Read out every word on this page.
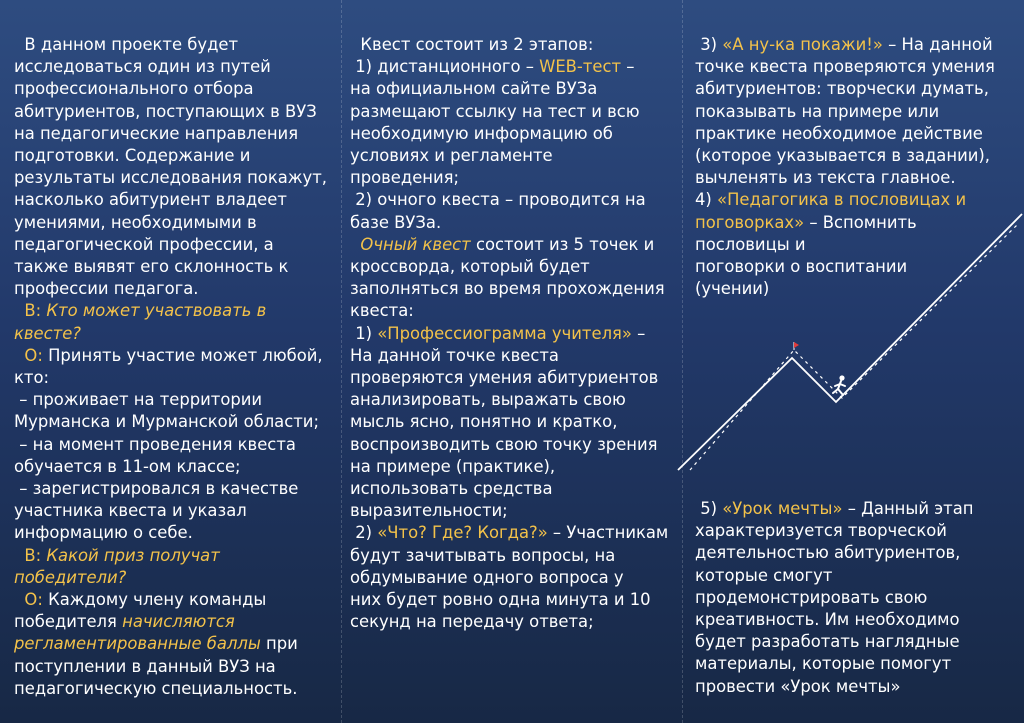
В данном проекте будет
исследоваться один из путей
профессионального отбора
абитуриентов, поступающих в ВУЗ
на педагогические направления
подготовки. Содержание и
результаты исследования покажут,
насколько абитуриент владеет
умениями, необходимыми в
педагогической профессии, а
также выявят его склонность к
профессии педагога.

В: Кто может участвовать в квесте?

О: Принять участие может любой,
кто:
– проживает на территории
Мурманска и Мурманской области;
– на момент проведения квеста
обучается в 11-ом классе;
– зарегистрировался в качестве
участника квеста и указал
информацию о себе.

В: Какой приз получат
победители?

О: Каждому члену команды
победителя начисляются
регламентированные баллы при
поступлении в данный ВУЗ на
педагогическую специальность.

Квест состоит из 2 этапов:
1) дистанционного – WEB-тест –
на официальном сайте ВУЗа
размещают ссылку на тест и всю
необходимую информацию об
условиях и регламенте
проведения;
2) очного квеста – проводится на
базе ВУЗа.

Очный квест состоит из 5 точек и
кроссворда, который будет
заполняться во время прохождения
квеста:
1) «Профессиограмма учителя» –
На данной точке квеста
проверяются умения абитуриентов
анализировать, выражать свою
мысль ясно, понятно и кратко,
воспроизводить свою точку зрения
на примере (практике),
использовать средства
выразительности;
2) «Что? Где? Когда?» – Участникам
будут зачитывать вопросы, на
обдумывание одного вопроса у
них будет ровно одна минута и 10
секунд на передачу ответа;

3) «А ну-ка покажи!» – На данной
точке квеста проверяются умения
абитуриентов: творчески думать,
показывать на примере или
практике необходимое действие
(которое указывается в задании),
вычленять из текста главное.
4) «Педагогика в пословицах и
поговорках» – Вспомнить
пословицы и
поговорки о воспитании
(учении)

5) «Урок мечты» – Данный этап
характеризуется творческой
деятельностью абитуриентов,
которые смогут
продемонстрировать свою
креативность. Им необходимо
будет разработать наглядные
материалы, которые помогут
провести «Урок мечты»
